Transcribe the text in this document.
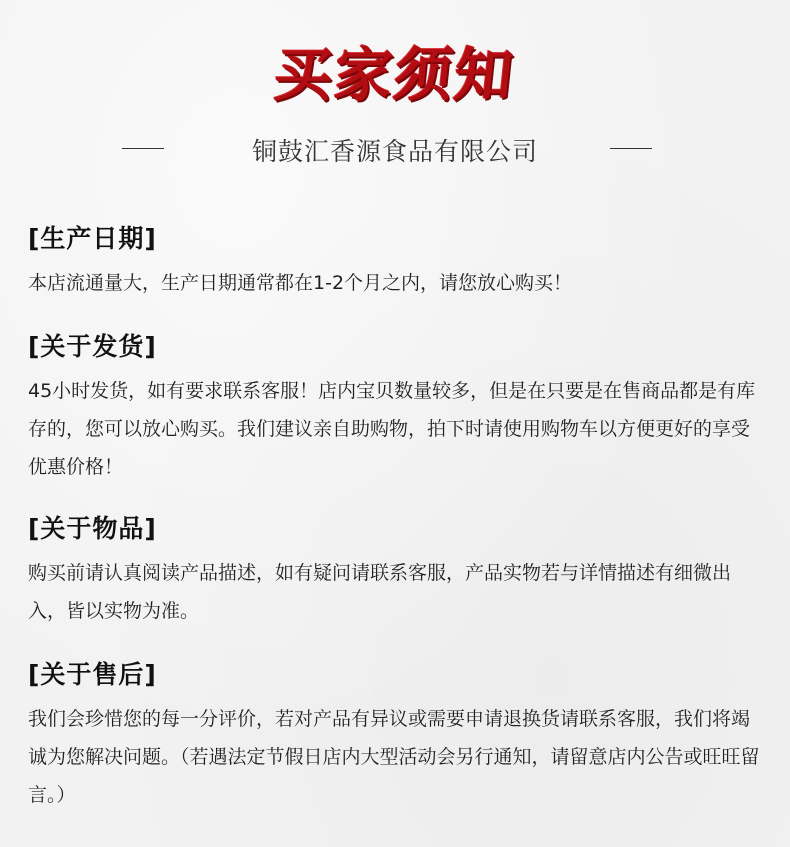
买家须知
铜鼓汇香源食品有限公司
[生产日期]
本店流通量大，生产日期通常都在1-2个月之内，请您放心购买！
[关于发货]
45小时发货，如有要求联系客服！店内宝贝数量较多，但是在只要是在售商品都是有库存的，您可以放心购买。我们建议亲自助购物，拍下时请使用购物车以方便更好的享受优惠价格！
[关于物品]
购买前请认真阅读产品描述，如有疑问请联系客服，产品实物若与详情描述有细微出入，皆以实物为准。
[关于售后]
我们会珍惜您的每一分评价，若对产品有异议或需要申请退换货请联系客服，我们将竭诚为您解决问题。（若遇法定节假日店内大型活动会另行通知，请留意店内公告或旺旺留言。）
